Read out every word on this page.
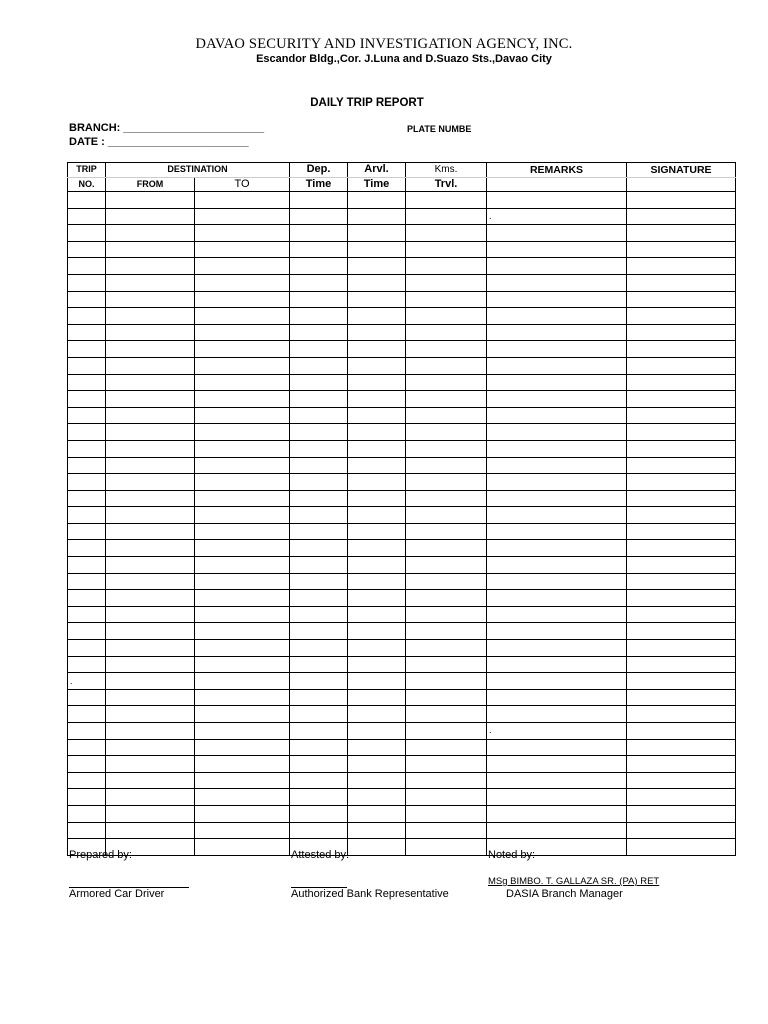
DAVAO SECURITY AND INVESTIGATION AGENCY, INC.
Escandor Bldg.,Cor. J.Luna and D.Suazo Sts.,Davao City
DAILY TRIP REPORT
BRANCH: _______________________
DATE : _______________________
PLATE NUMBE
TRIP	DESTINATION		Dep.	Arvl.	Kms.	REMARKS	SIGNATURE
NO.	FROM	TO	Time	Time	Trvl.		

						.	

.							

						.	

Prepared by:	Attested by:	Noted by:
Armored Car Driver	Authorized Bank Representative
MSg BIMBO. T. GALLAZA SR. (PA) RET
DASIA Branch Manager
